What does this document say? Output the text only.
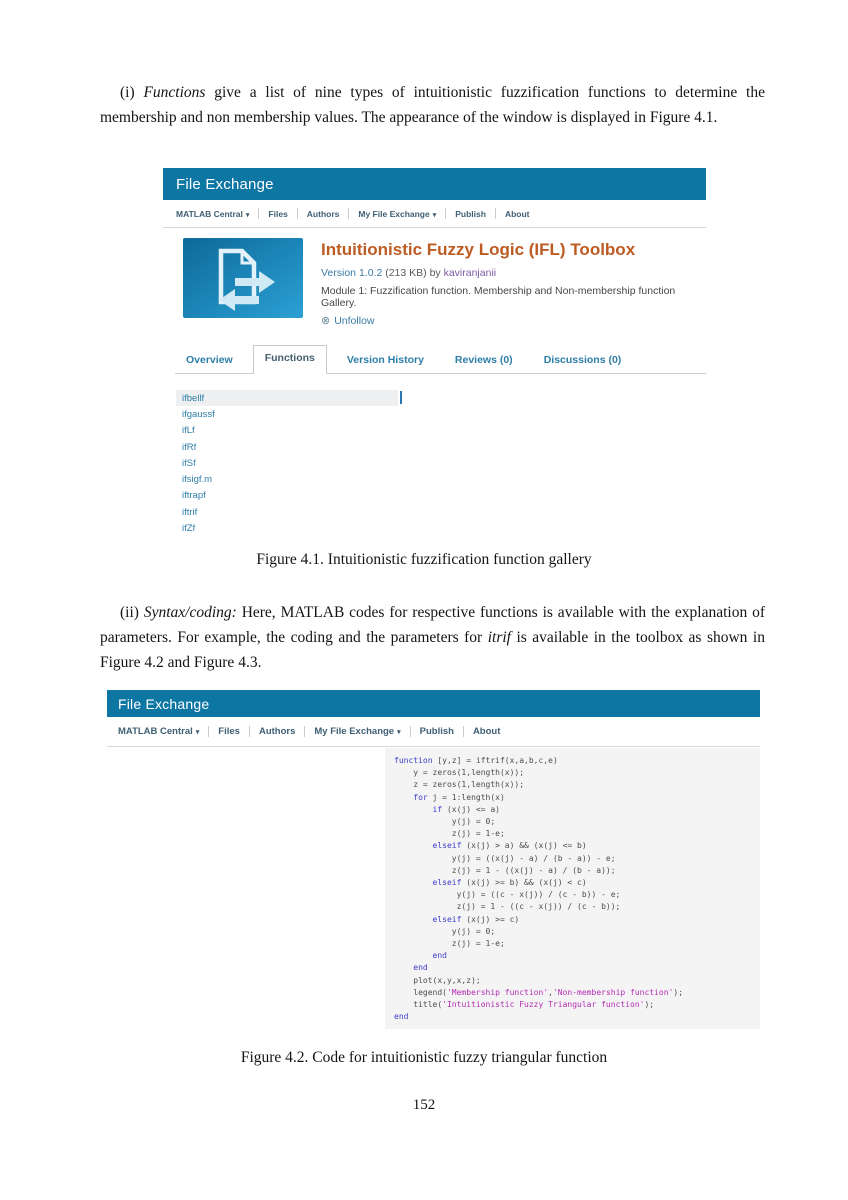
(i) Functions give a list of nine types of intuitionistic fuzzification functions to determine the membership and non membership values. The appearance of the window is displayed in Figure 4.1.

File Exchange
MATLAB Central ▾ Files Authors My File Exchange ▾ Publish About
Intuitionistic Fuzzy Logic (IFL) Toolbox
Version 1.0.2 (213 KB) by kaviranjanii
Module 1: Fuzzification function. Membership and Non-membership function Gallery.
⊗ Unfollow
Overview	Functions	Version History	Reviews (0)	Discussions (0)
ifbellf
ifgaussf
ifLf
ifRf
ifSf
ifsigf.m
iftrapf
iftrif
ifZf
Figure 4.1. Intuitionistic fuzzification function gallery

(ii) Syntax/coding: Here, MATLAB codes for respective functions is available with the explanation of parameters. For example, the coding and the parameters for itrif is available in the toolbox as shown in Figure 4.2 and Figure 4.3.

File Exchange
MATLAB Central ▾ Files Authors My File Exchange ▾ Publish About
function [y,z] = iftrif(x,a,b,c,e)
y = zeros(1,length(x));
z = zeros(1,length(x));
for j = 1:length(x)
if (x(j) <= a)
y(j) = 0;
z(j) = 1-e;
elseif (x(j) > a) && (x(j) <= b)
y(j) = ((x(j) - a) / (b - a)) - e;
z(j) = 1 - ((x(j) - a) / (b - a));
elseif (x(j) >= b) && (x(j) < c)
y(j) = ((c - x(j)) / (c - b)) - e;
z(j) = 1 - ((c - x(j)) / (c - b));
elseif (x(j) >= c)
y(j) = 0;
z(j) = 1-e;
end
end
plot(x,y,x,z);
legend('Membership function','Non-membership function');
title('Intuitionistic Fuzzy Triangular function');
end
Figure 4.2. Code for intuitionistic fuzzy triangular function
152
